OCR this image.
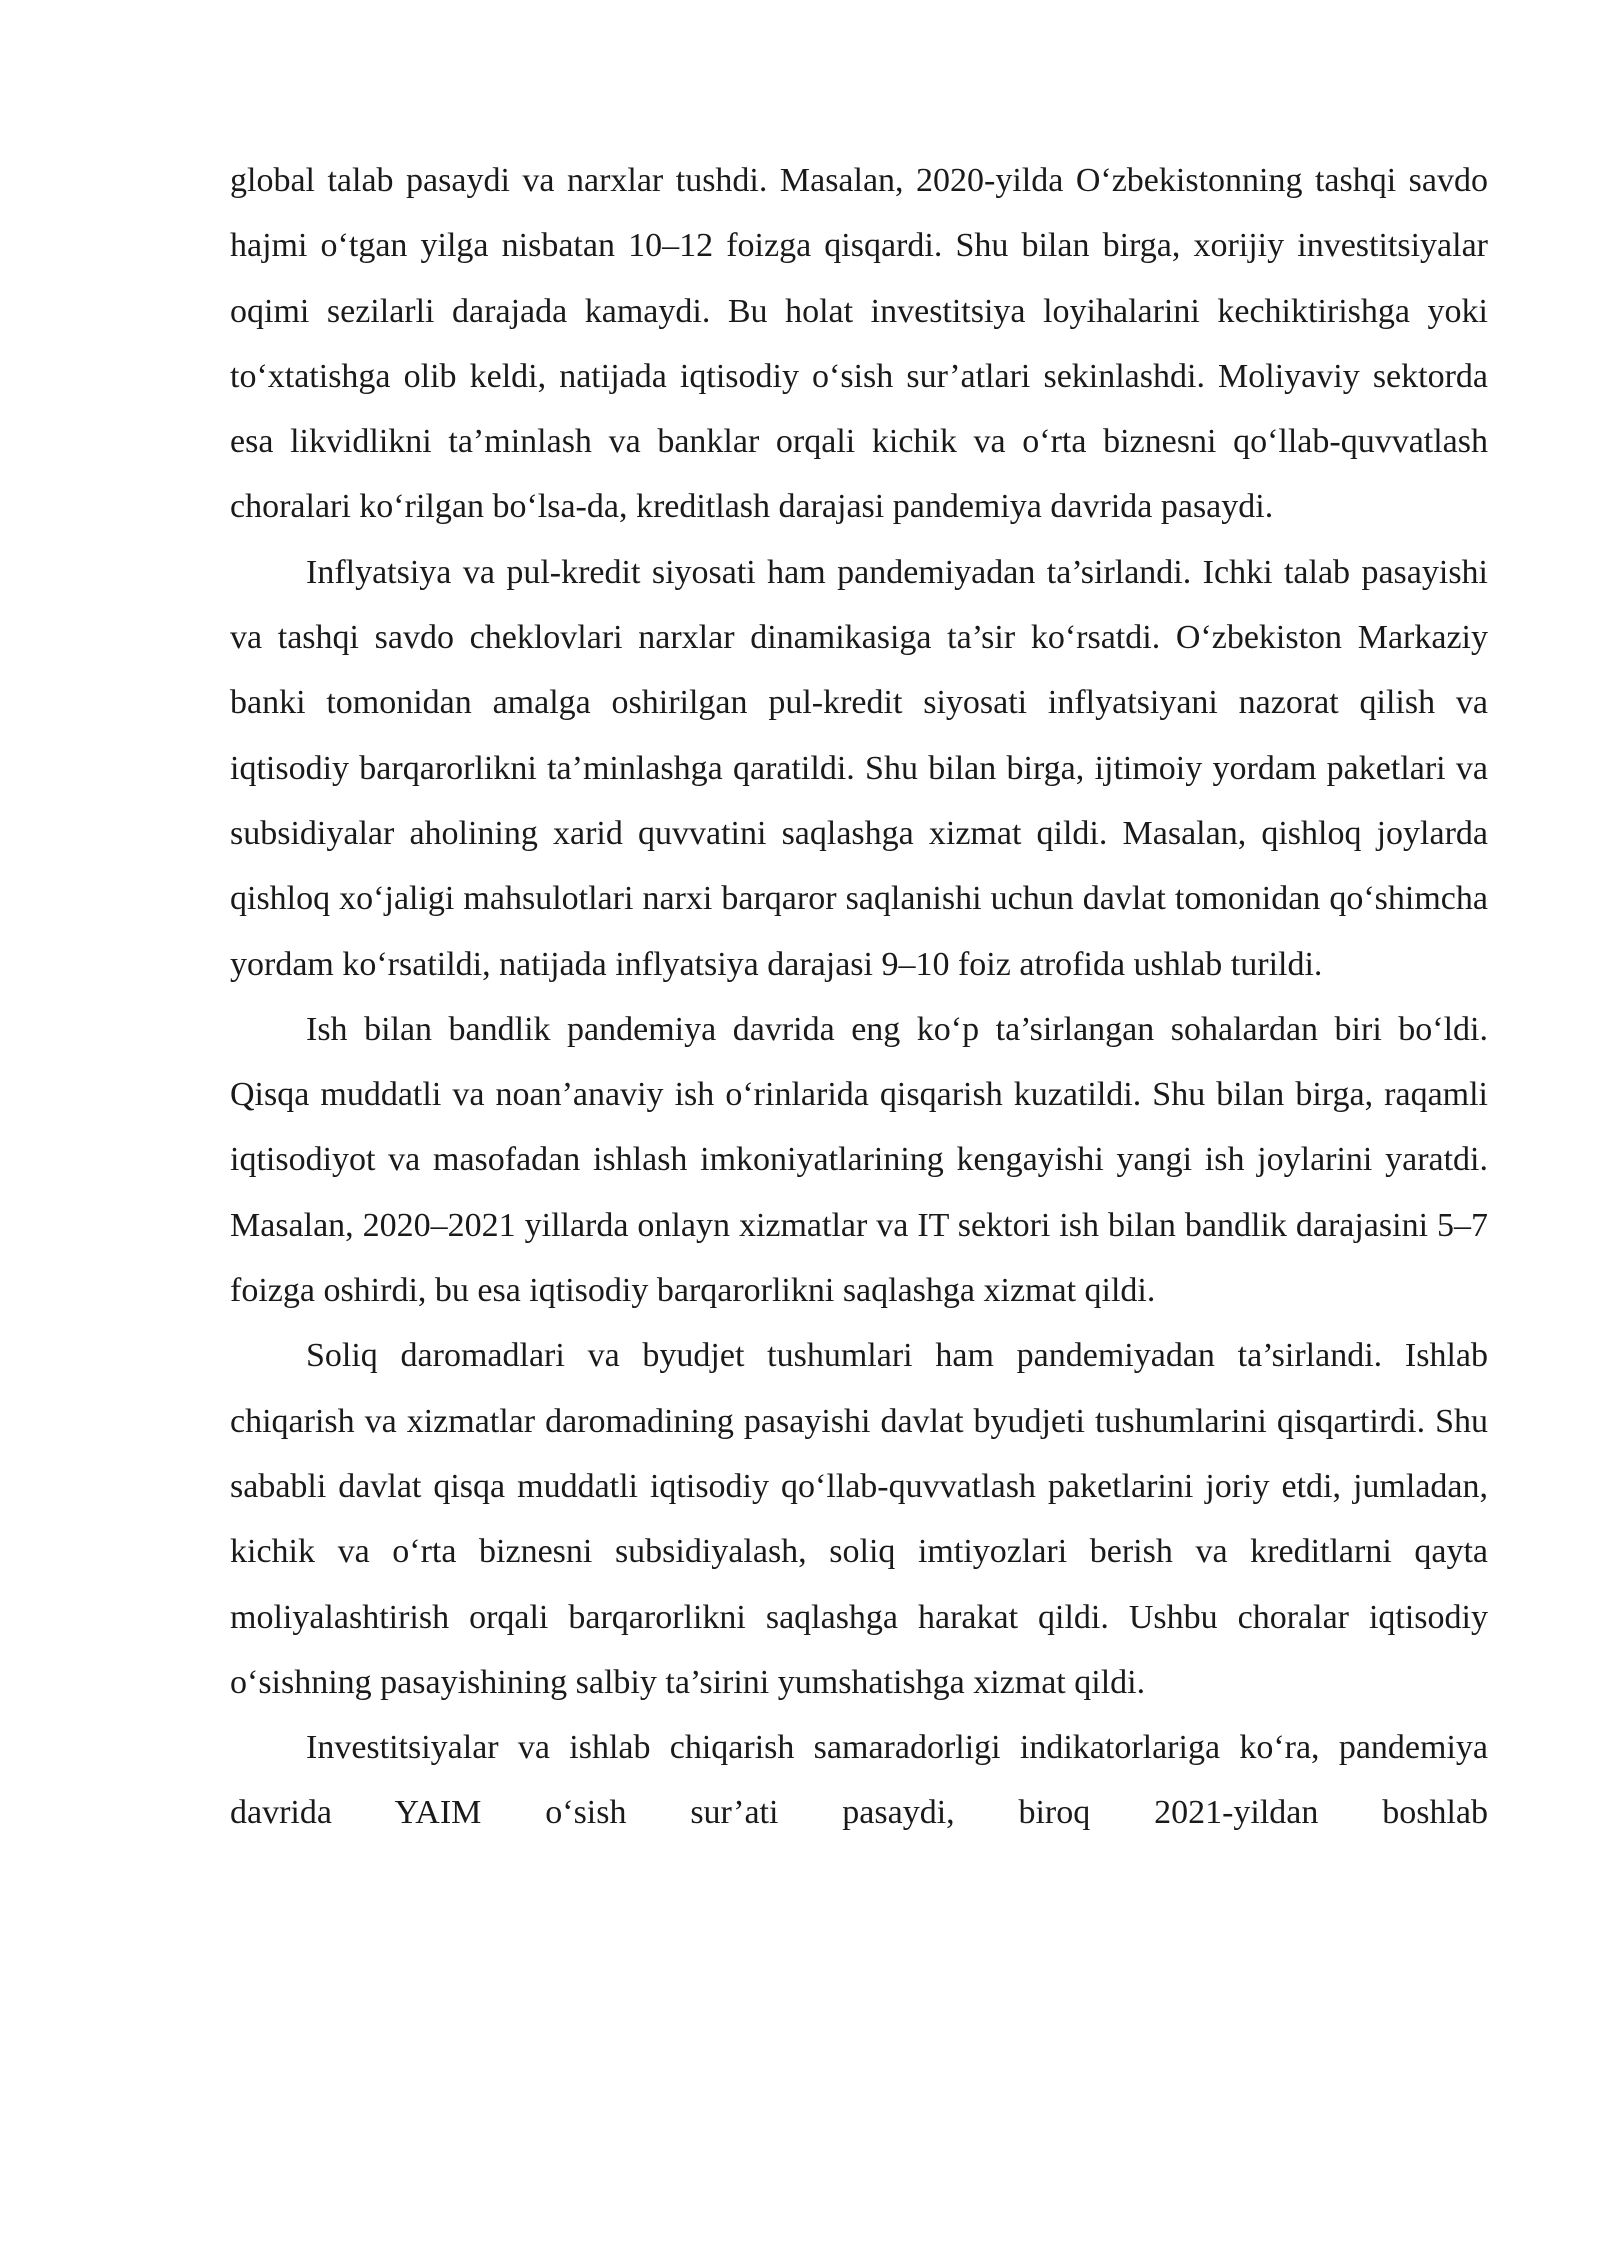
global talab pasaydi va narxlar tushdi. Masalan, 2020-yilda O‘zbekistonning tashqi savdo hajmi o‘tgan yilga nisbatan 10–12 foizga qisqardi. Shu bilan birga, xorijiy investitsiyalar oqimi sezilarli darajada kamaydi. Bu holat investitsiya loyihalarini kechiktirishga yoki to‘xtatishga olib keldi, natijada iqtisodiy o‘sish sur’atlari sekinlashdi. Moliyaviy sektorda esa likvidlikni ta’minlash va banklar orqali kichik va o‘rta biznesni qo‘llab-quvvatlash choralari ko‘rilgan bo‘lsa-da, kreditlash darajasi pandemiya davrida pasaydi.

Inflyatsiya va pul-kredit siyosati ham pandemiyadan ta’sirlandi. Ichki talab pasayishi va tashqi savdo cheklovlari narxlar dinamikasiga ta’sir ko‘rsatdi. O‘zbekiston Markaziy banki tomonidan amalga oshirilgan pul-kredit siyosati inflyatsiyani nazorat qilish va iqtisodiy barqarorlikni ta’minlashga qaratildi. Shu bilan birga, ijtimoiy yordam paketlari va subsidiyalar aholining xarid quvvatini saqlashga xizmat qildi. Masalan, qishloq joylarda qishloq xo‘jaligi mahsulotlari narxi barqaror saqlanishi uchun davlat tomonidan qo‘shimcha yordam ko‘rsatildi, natijada inflyatsiya darajasi 9–10 foiz atrofida ushlab turildi.

Ish bilan bandlik pandemiya davrida eng ko‘p ta’sirlangan sohalardan biri bo‘ldi. Qisqa muddatli va noan’anaviy ish o‘rinlarida qisqarish kuzatildi. Shu bilan birga, raqamli iqtisodiyot va masofadan ishlash imkoniyatlarining kengayishi yangi ish joylarini yaratdi. Masalan, 2020–2021 yillarda onlayn xizmatlar va IT sektori ish bilan bandlik darajasini 5–7 foizga oshirdi, bu esa iqtisodiy barqarorlikni saqlashga xizmat qildi.

Soliq daromadlari va byudjet tushumlari ham pandemiyadan ta’sirlandi. Ishlab chiqarish va xizmatlar daromadining pasayishi davlat byudjeti tushumlarini qisqartirdi. Shu sababli davlat qisqa muddatli iqtisodiy qo‘llab-quvvatlash paketlarini joriy etdi, jumladan, kichik va o‘rta biznesni subsidiyalash, soliq imtiyozlari berish va kreditlarni qayta moliyalashtirish orqali barqarorlikni saqlashga harakat qildi. Ushbu choralar iqtisodiy o‘sishning pasayishining salbiy ta’sirini yumshatishga xizmat qildi.

Investitsiyalar va ishlab chiqarish samaradorligi indikatorlariga ko‘ra, pandemiya davrida YAIM o‘sish sur’ati pasaydi, biroq 2021-yildan boshlab
